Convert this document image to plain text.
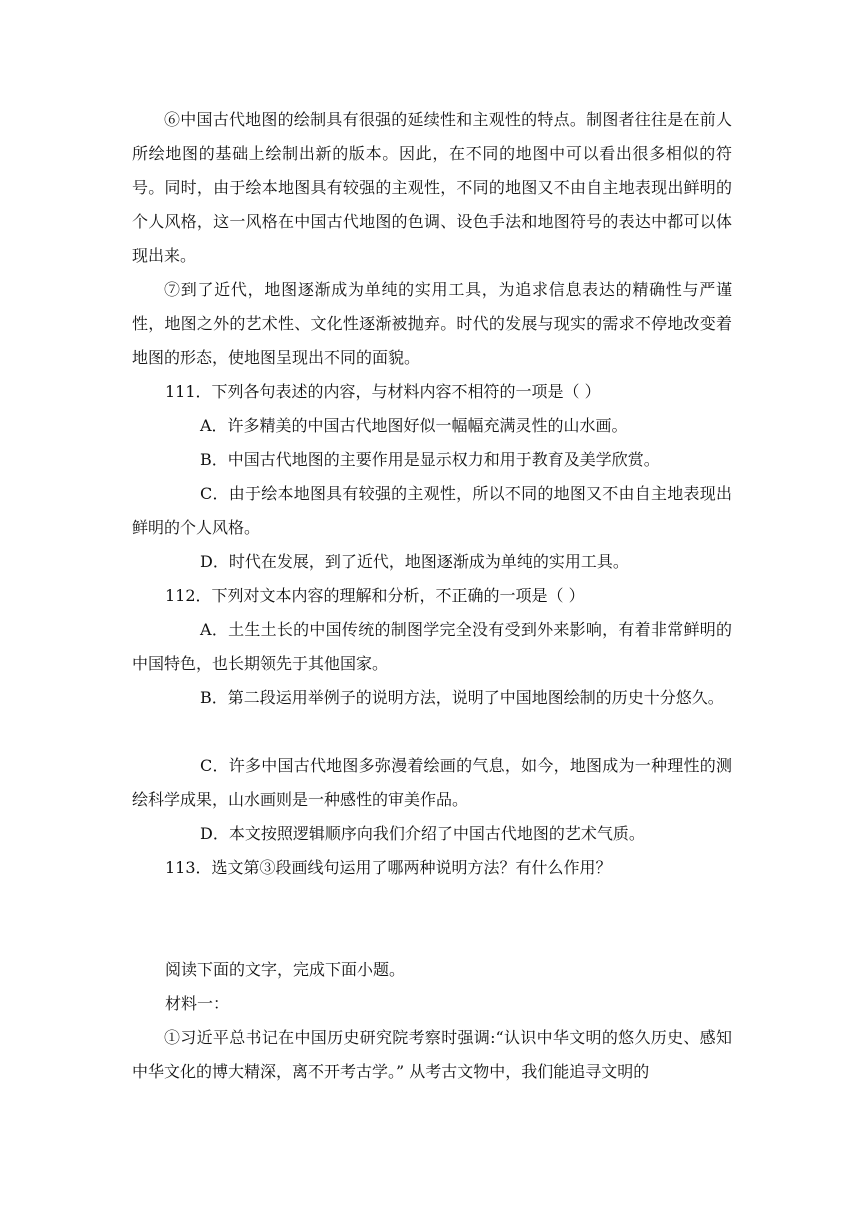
⑥中国古代地图的绘制具有很强的延续性和主观性的特点。制图者往往是在前人所绘地图的基础上绘制出新的版本。因此，在不同的地图中可以看出很多相似的符号。同时，由于绘本地图具有较强的主观性，不同的地图又不由自主地表现出鲜明的个人风格，这一风格在中国古代地图的色调、设色手法和地图符号的表达中都可以体现出来。

⑦到了近代，地图逐渐成为单纯的实用工具，为追求信息表达的精确性与严谨性，地图之外的艺术性、文化性逐渐被抛弃。时代的发展与现实的需求不停地改变着地图的形态，使地图呈现出不同的面貌。

111．下列各句表述的内容，与材料内容不相符的一项是（ ）

A．许多精美的中国古代地图好似一幅幅充满灵性的山水画。

B．中国古代地图的主要作用是显示权力和用于教育及美学欣赏。

C．由于绘本地图具有较强的主观性，所以不同的地图又不由自主地表现出鲜明的个人风格。

D．时代在发展，到了近代，地图逐渐成为单纯的实用工具。

112．下列对文本内容的理解和分析，不正确的一项是（ ）

A．土生土长的中国传统的制图学完全没有受到外来影响，有着非常鲜明的中国特色，也长期领先于其他国家。

B．第二段运用举例子的说明方法，说明了中国地图绘制的历史十分悠久。

C．许多中国古代地图多弥漫着绘画的气息，如今，地图成为一种理性的测绘科学成果，山水画则是一种感性的审美作品。

D．本文按照逻辑顺序向我们介绍了中国古代地图的艺术气质。

113．选文第③段画线句运用了哪两种说明方法？有什么作用？

阅读下面的文字，完成下面小题。

材料一：

①习近平总书记在中国历史研究院考察时强调:“认识中华文明的悠久历史、感知中华文化的博大精深，离不开考古学。” 从考古文物中，我们能追寻文明的
